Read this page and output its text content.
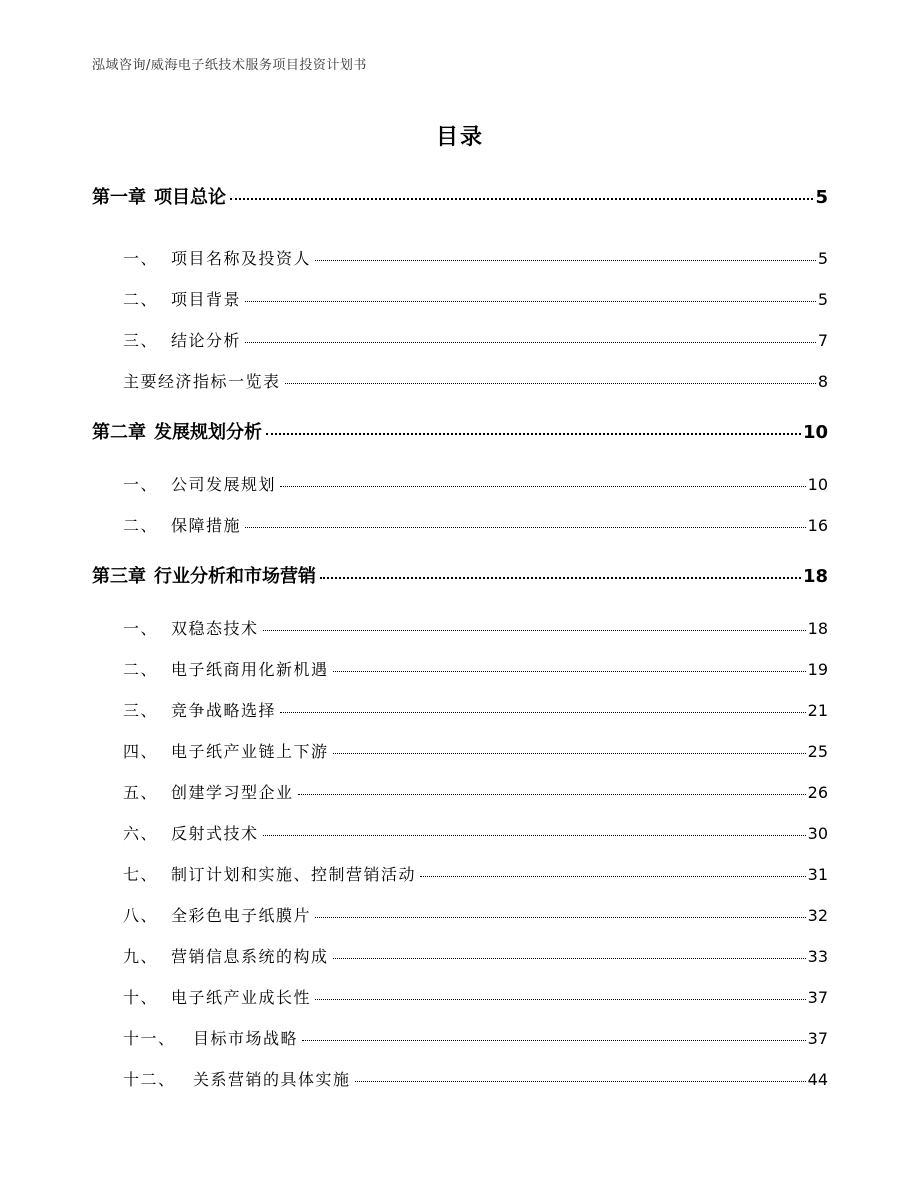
泓域咨询/威海电子纸技术服务项目投资计划书
目录
第一章 项目总论	5
一、 项目名称及投资人	5
二、 项目背景	5
三、 结论分析	7
主要经济指标一览表	8
第二章 发展规划分析	10
一、 公司发展规划	10
二、 保障措施	16
第三章 行业分析和市场营销	18
一、 双稳态技术	18
二、 电子纸商用化新机遇	19
三、 竞争战略选择	21
四、 电子纸产业链上下游	25
五、 创建学习型企业	26
六、 反射式技术	30
七、 制订计划和实施、控制营销活动	31
八、 全彩色电子纸膜片	32
九、 营销信息系统的构成	33
十、 电子纸产业成长性	37
十一、	目标市场战略	37
十二、	关系营销的具体实施	44
